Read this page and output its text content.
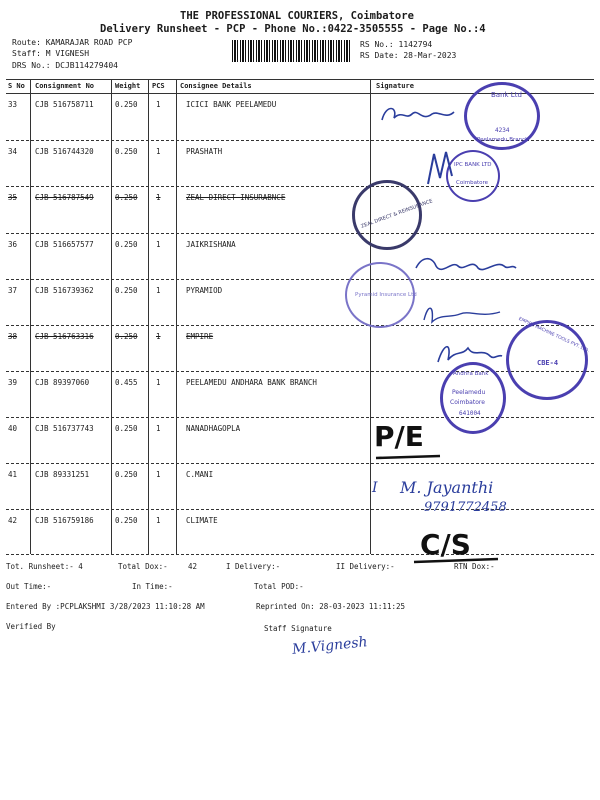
THE PROFESSIONAL COURIERS, Coimbatore
Delivery Runsheet - PCP - Phone No.:0422-3505555 - Page No.:4
Route: KAMARAJAR ROAD PCP
Staff: M VIGNESH
DRS No.: DCJB114279404
RS No.: 1142794
RS Date: 28-Mar-2023
S No Consignment No	Weight PCS Consignee Details	Signature
33 CJB 516758711	0.250 1	ICICI BANK PEELAMEDU
34 CJB 516744320	0.250 1	PRASHATH
35 CJB 516787549	0.250 1	ZEAL DIRECT INSURABNCE
36 CJB 516657577	0.250 1	JAIKRISHANA
37 CJB 516739362	0.250 1	PYRAMIOD
38 CJB 516763316	0.250 1	EMPIRE
39 CJB 89397060	0.455 1	PEELAMEDU ANDHARA BANK BRANCH
40 CJB 516737743	0.250 1	NANADHAGOPLA
41 CJB 89331251	0.250 1	C.MANI
42 CJB 516759186	0.250 1	CLIMATE
Bank Ltd
4234
Peelamedu Branch
IPC BANK LTD
Coimbatore
ZEAL DIRECT & REINSURANCE
Pyramid Insurance Ltd
EMPIRE MACHINE TOOLS PVT. LTD.
CBE-4
Andhra Bank
Peelamedu
Coimbatore
641004
P/E
I M. Jayanthi
9791772458
C/S
Tot. Runsheet:- 4	Total Dox:-	42	I Delivery:-	II Delivery:-	RTN Dox:-
Out Time:-	In Time:-	Total POD:-
Entered By :PCPLAKSHMI 3/28/2023 11:10:28 AM	Reprinted On: 28-03-2023 11:11:25
Verified By	Staff Signature
M.Vignesh
